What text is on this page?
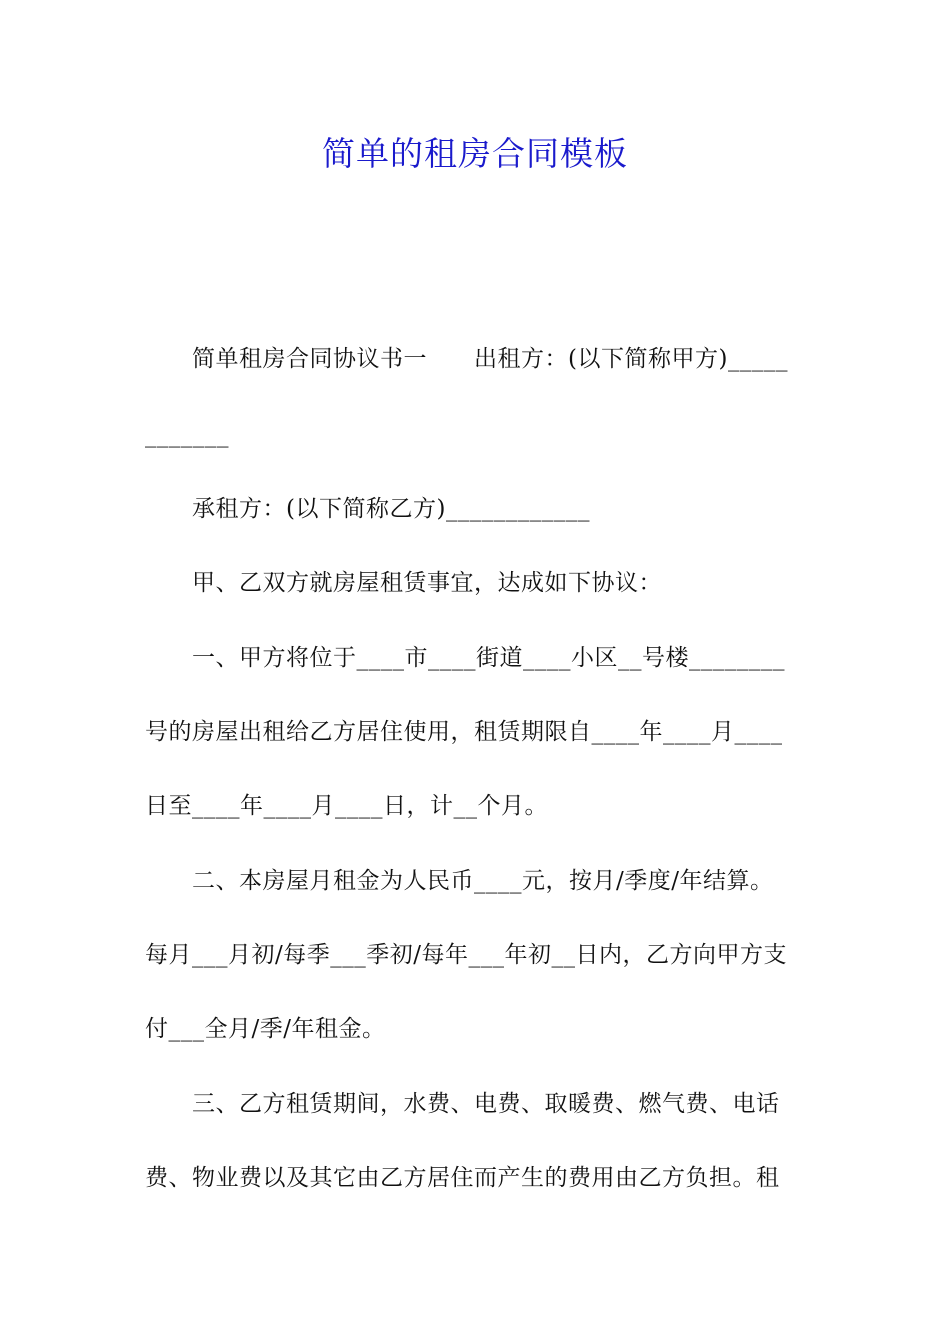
简单的租房合同模板
简单租房合同协议书一　　出租方：(以下简称甲方)_____
_______
承租方：(以下简称乙方)____________
甲、乙双方就房屋租赁事宜，达成如下协议：
一、甲方将位于____市____街道____小区__号楼________
号的房屋出租给乙方居住使用，租赁期限自____年____月____
日至____年____月____日，计__个月。
二、本房屋月租金为人民币____元，按月/季度/年结算。
每月___月初/每季___季初/每年___年初__日内，乙方向甲方支
付___全月/季/年租金。
三、乙方租赁期间，水费、电费、取暖费、燃气费、电话
费、物业费以及其它由乙方居住而产生的费用由乙方负担。租
